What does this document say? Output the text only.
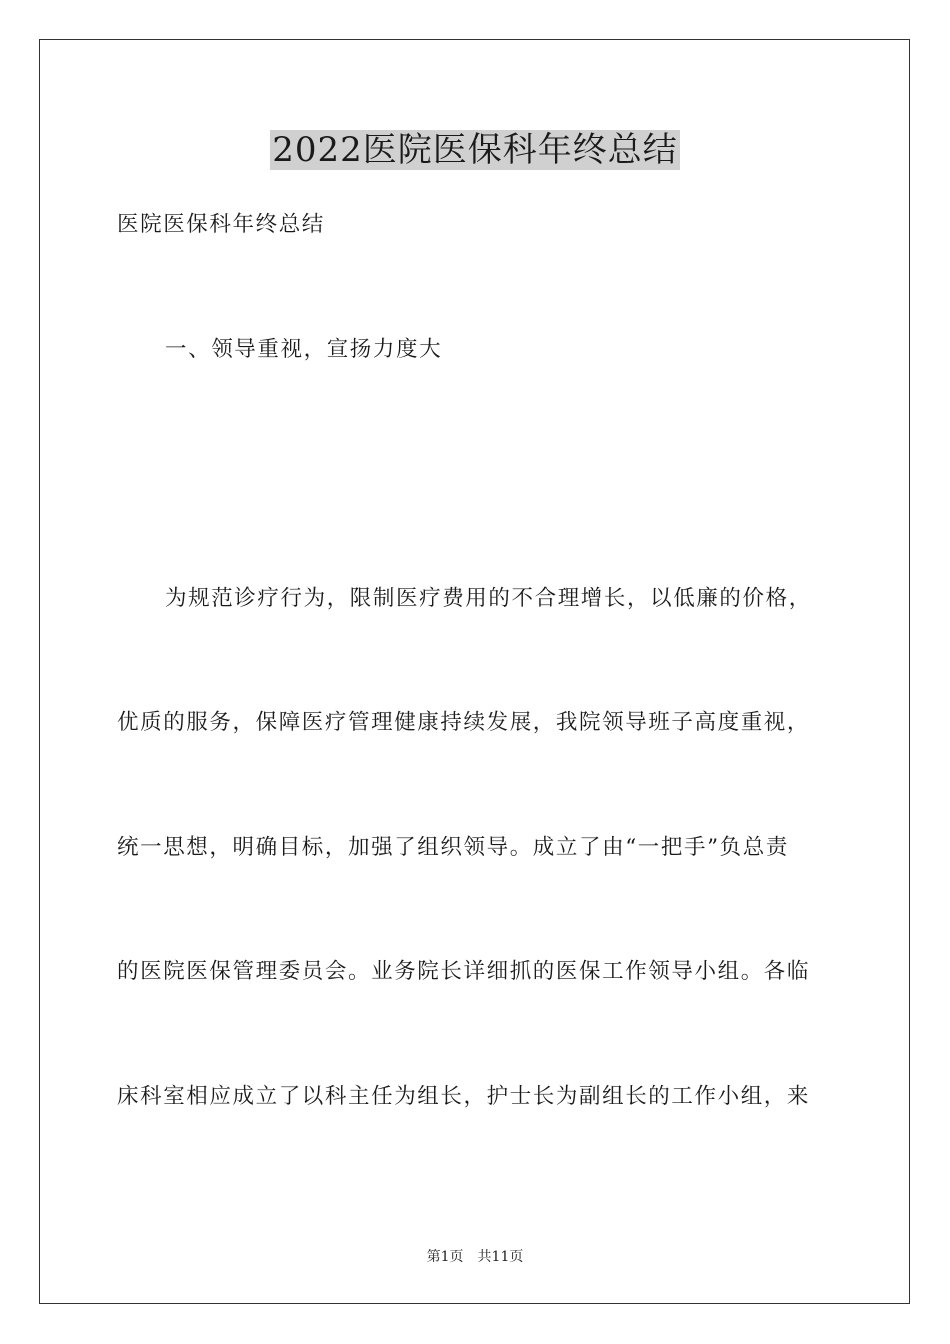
2022医院医保科年终总结
医院医保科年终总结
一、领导重视，宣扬力度大
为规范诊疗行为，限制医疗费用的不合理增长，以低廉的价格，
优质的服务，保障医疗管理健康持续发展，我院领导班子高度重视，
统一思想，明确目标，加强了组织领导。成立了由“一把手”负总责
的医院医保管理委员会。业务院长详细抓的医保工作领导小组。各临
床科室相应成立了以科主任为组长，护士长为副组长的工作小组，来
第1页 共11页
